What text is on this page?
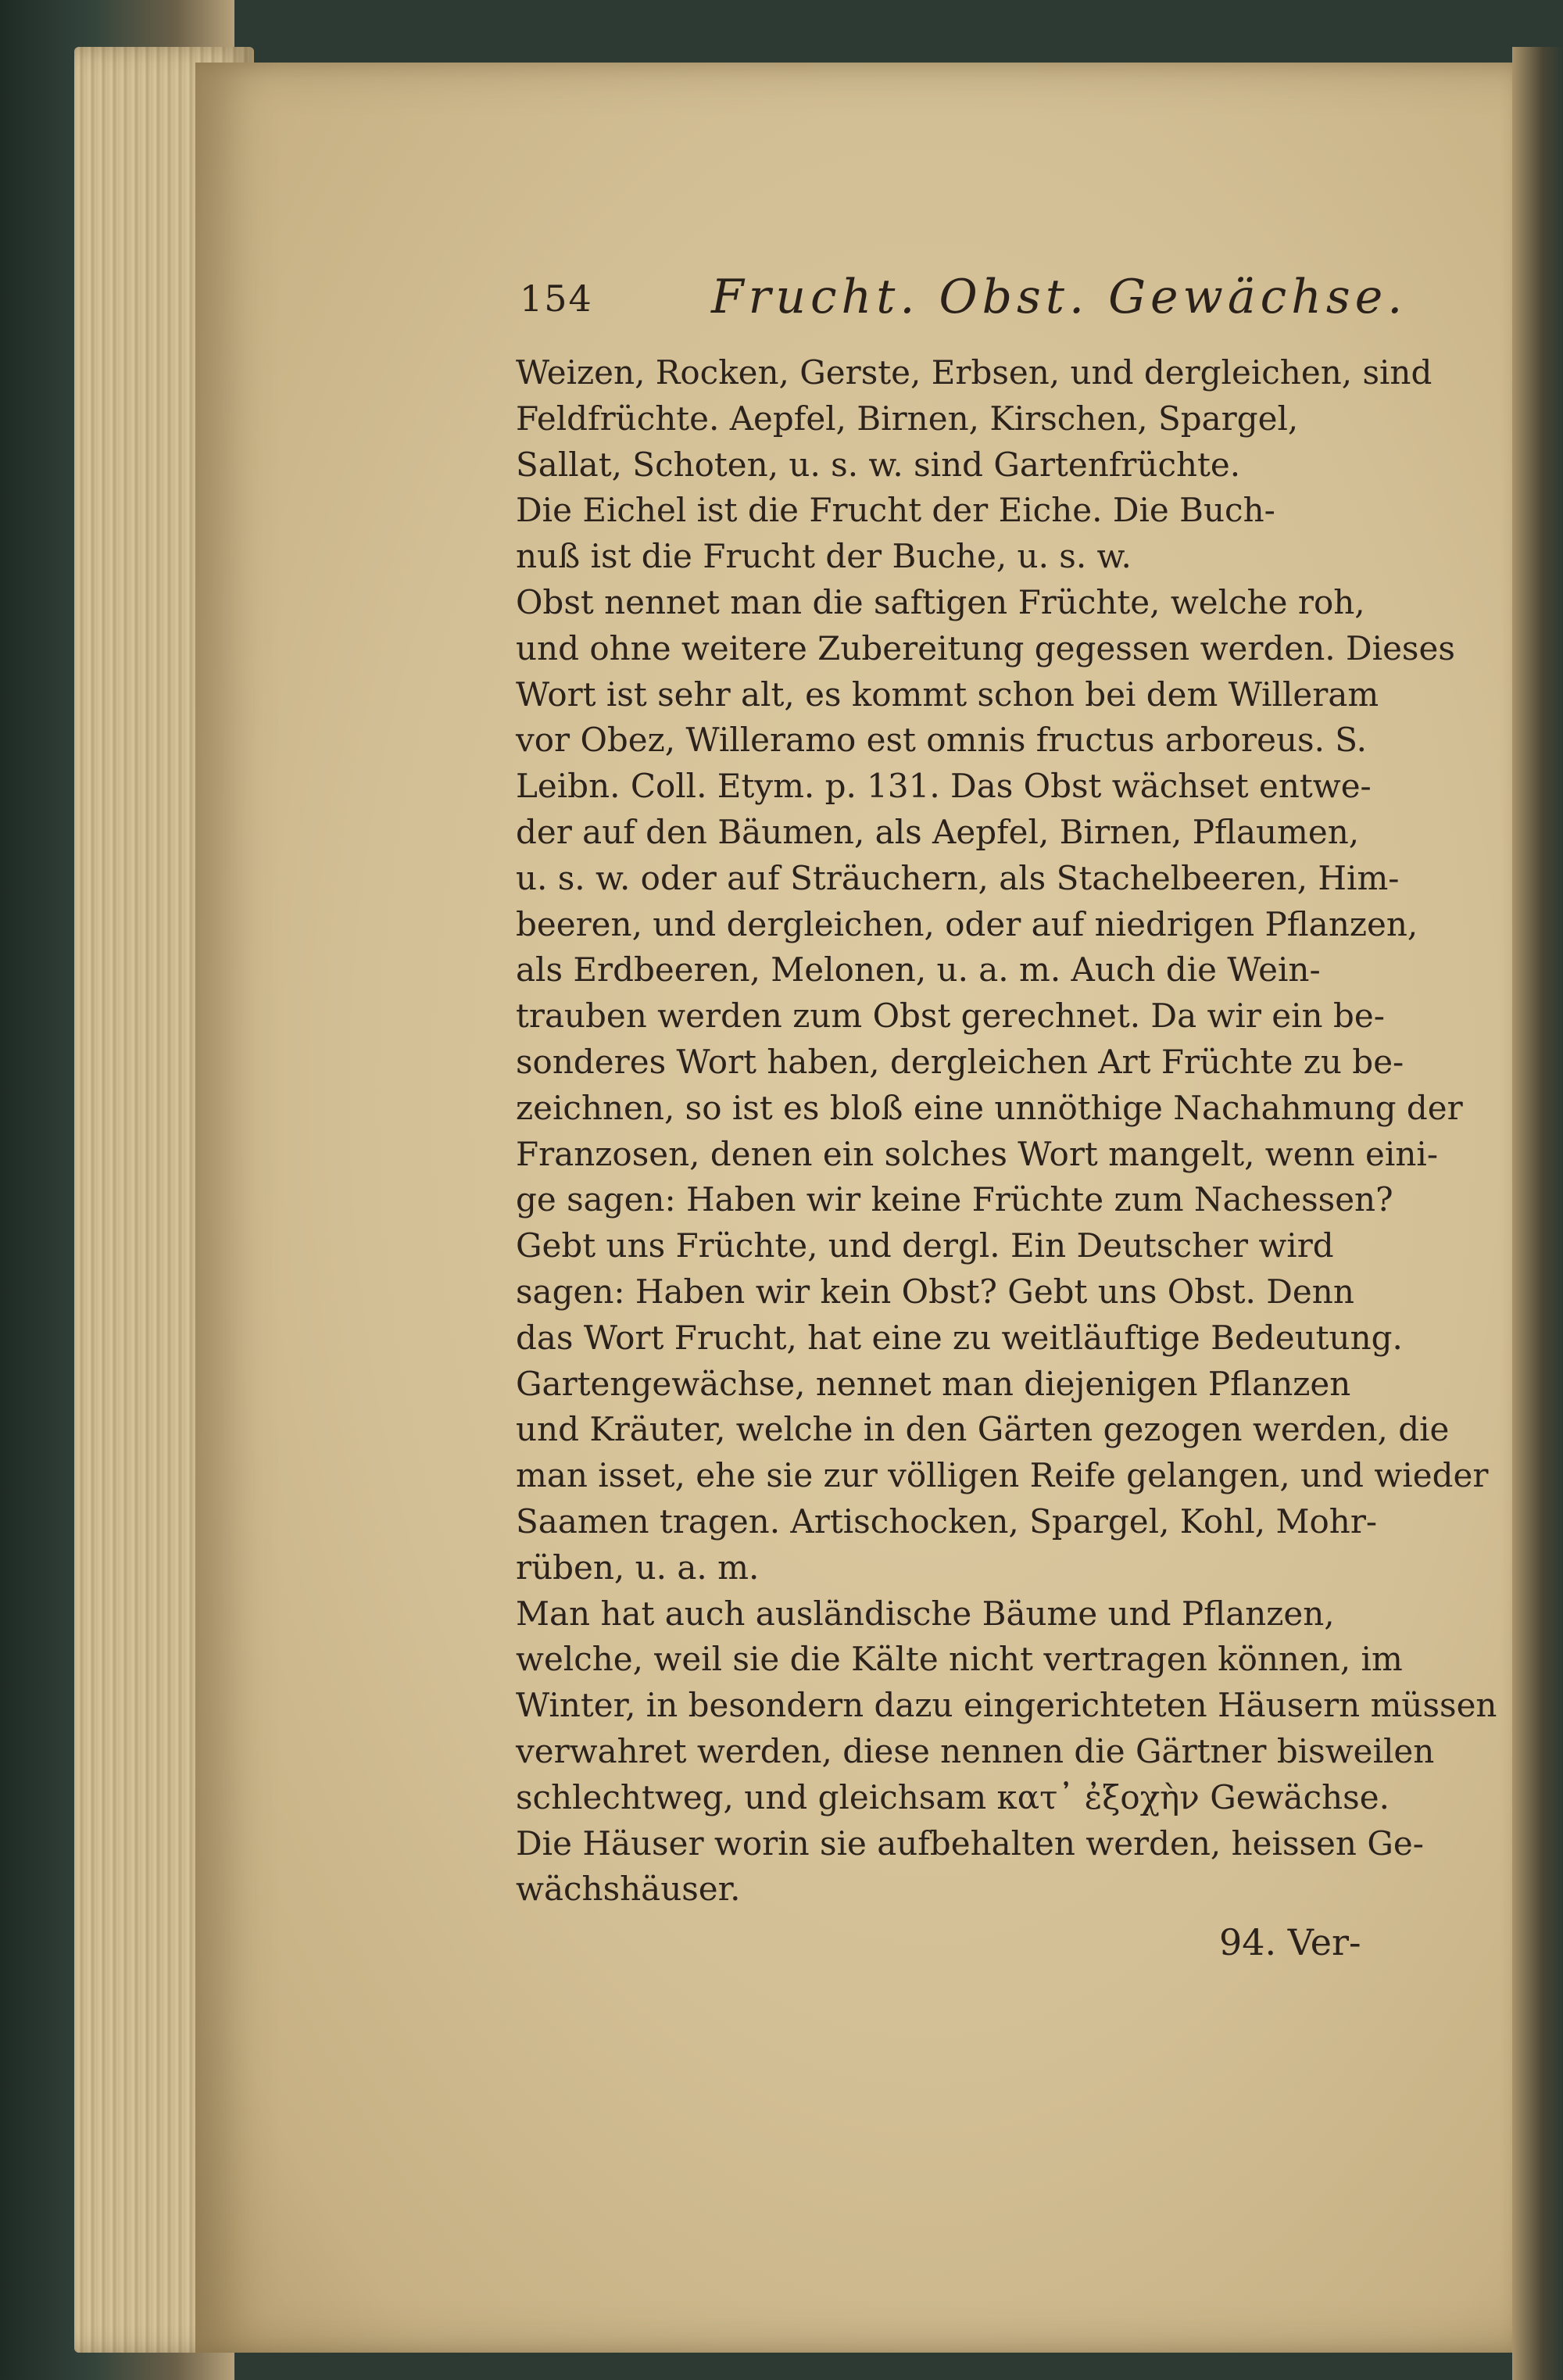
154	Frucht. Obst. Gewächse.
Weizen, Rocken, Gerste, Erbsen, und dergleichen, sind
Feldfrüchte. Aepfel, Birnen, Kirschen, Spargel,
Sallat, Schoten, u. s. w. sind Gartenfrüchte.
Die Eichel ist die Frucht der Eiche. Die Buch-
nuß ist die Frucht der Buche, u. s. w.
Obst nennet man die saftigen Früchte, welche roh,
und ohne weitere Zubereitung gegessen werden. Dieses
Wort ist sehr alt, es kommt schon bei dem Willeram
vor Obez, Willeramo est omnis fructus arboreus. S.
Leibn. Coll. Etym. p. 131. Das Obst wächset entwe-
der auf den Bäumen, als Aepfel, Birnen, Pflaumen,
u. s. w. oder auf Sträuchern, als Stachelbeeren, Him-
beeren, und dergleichen, oder auf niedrigen Pflanzen,
als Erdbeeren, Melonen, u. a. m. Auch die Wein-
trauben werden zum Obst gerechnet. Da wir ein be-
sonderes Wort haben, dergleichen Art Früchte zu be-
zeichnen, so ist es bloß eine unnöthige Nachahmung der
Franzosen, denen ein solches Wort mangelt, wenn eini-
ge sagen: Haben wir keine Früchte zum Nachessen?
Gebt uns Früchte, und dergl. Ein Deutscher wird
sagen: Haben wir kein Obst? Gebt uns Obst. Denn
das Wort Frucht, hat eine zu weitläuftige Bedeutung.
Gartengewächse, nennet man diejenigen Pflanzen
und Kräuter, welche in den Gärten gezogen werden, die
man isset, ehe sie zur völligen Reife gelangen, und wieder
Saamen tragen. Artischocken, Spargel, Kohl, Mohr-
rüben, u. a. m.
Man hat auch ausländische Bäume und Pflanzen,
welche, weil sie die Kälte nicht vertragen können, im
Winter, in besondern dazu eingerichteten Häusern müssen
verwahret werden, diese nennen die Gärtner bisweilen
schlechtweg, und gleichsam κατ᾽ ἐξοχὴν Gewächse.
Die Häuser worin sie aufbehalten werden, heissen Ge-
wächshäuser.
94. Ver-
